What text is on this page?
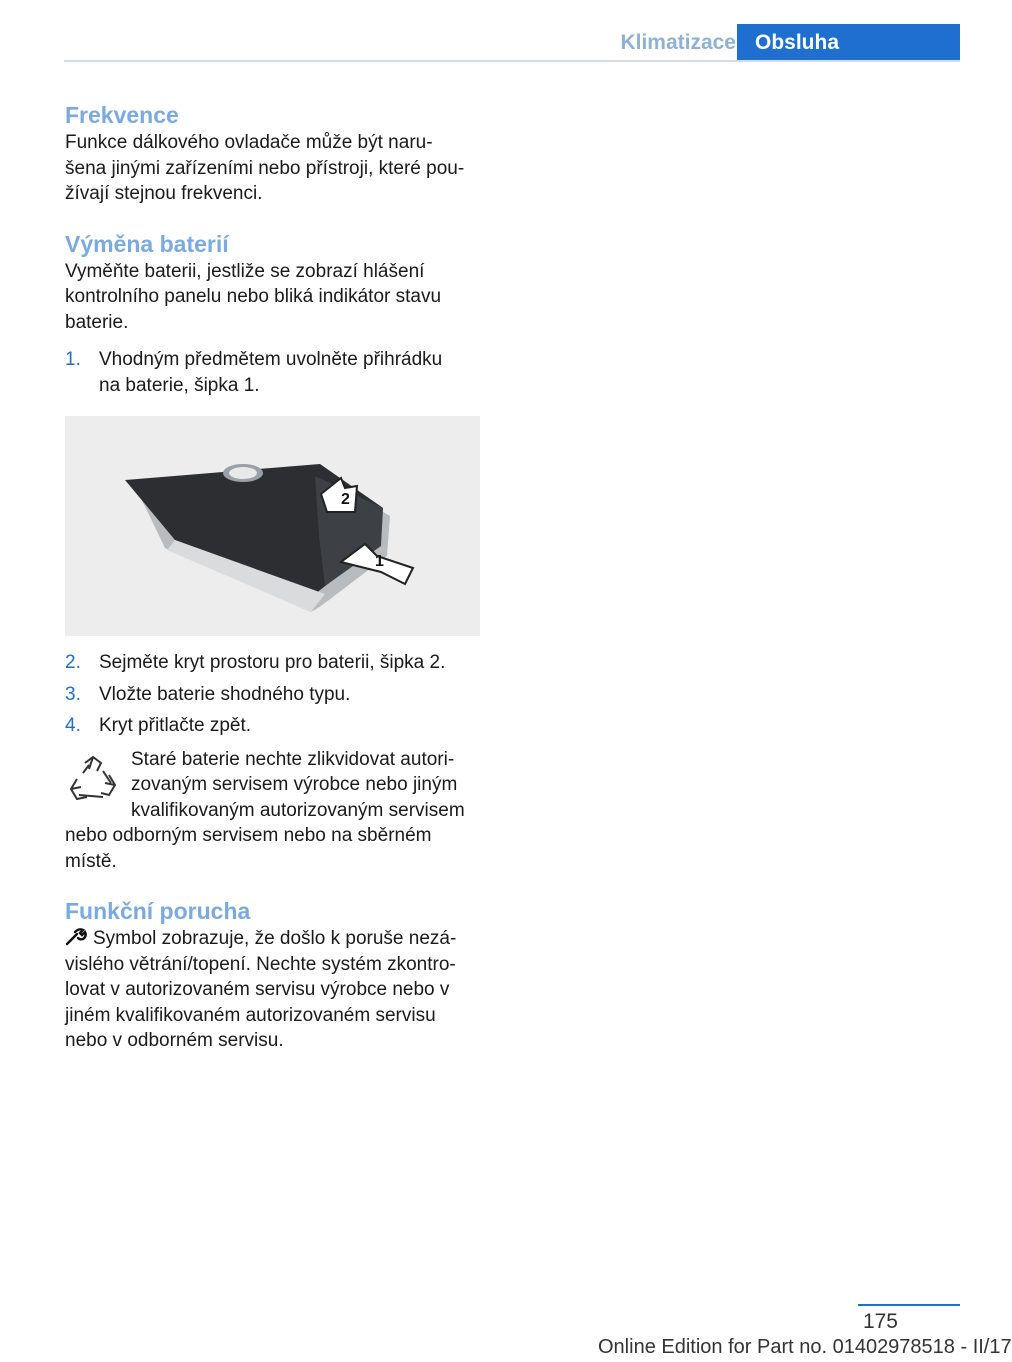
Klimatizace Obsluha
Frekvence

Funkce dálkového ovladače může být naru‐
šena jinými zařízeními nebo přístroji, které pou‐
žívají stejnou frekvenci.

Výměna baterií

Vyměňte baterii, jestliže se zobrazí hlášení
kontrolního panelu nebo bliká indikátor stavu
baterie.

1. Vhodným předmětem uvolněte přihrádku
na baterie, šipka 1.
2
1
2. Sejměte kryt prostoru pro baterii, šipka 2.
3. Vložte baterie shodného typu.
4. Kryt přitlačte zpět.
Staré baterie nechte zlikvidovat autori‐
zovaným servisem výrobce nebo jiným
kvalifikovaným autorizovaným servisem
nebo odborným servisem nebo na sběrném
místě.
Funkční porucha

Symbol zobrazuje, že došlo k poruše nezá‐
vislého větrání/topení. Nechte systém zkontro‐
lovat v autorizovaném servisu výrobce nebo v
jiném kvalifikovaném autorizovaném servisu
nebo v odborném servisu.

175
Online Edition for Part no. 01402978518 - II/17
